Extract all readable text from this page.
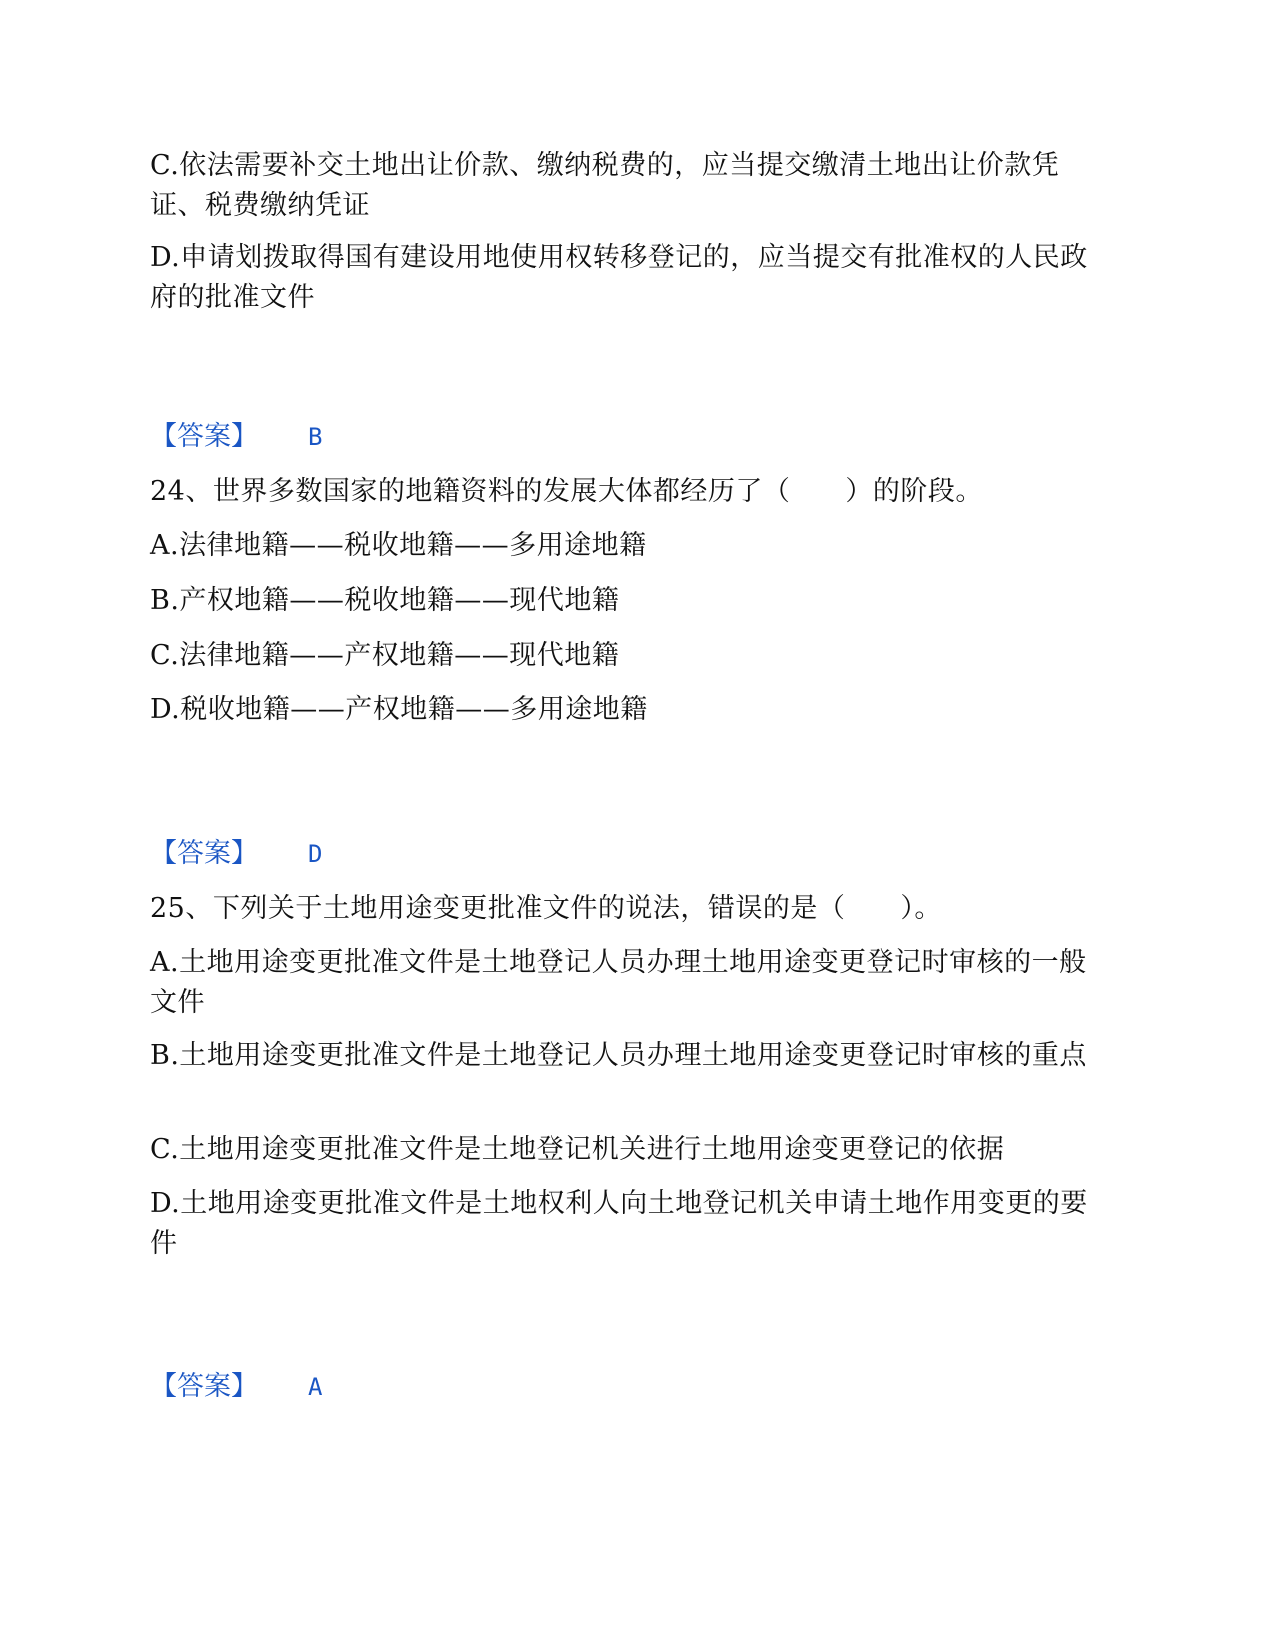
C.依法需要补交土地出让价款、缴纳税费的，应当提交缴清土地出让价款凭证、税费缴纳凭证

D.申请划拨取得国有建设用地使用权转移登记的，应当提交有批准权的人民政府的批准文件

【答案】 B

24、世界多数国家的地籍资料的发展大体都经历了（　　）的阶段。

A.法律地籍——税收地籍——多用途地籍

B.产权地籍——税收地籍——现代地籍

C.法律地籍——产权地籍——现代地籍

D.税收地籍——产权地籍——多用途地籍

【答案】 D

25、下列关于土地用途变更批准文件的说法，错误的是（　　）。

A.土地用途变更批准文件是土地登记人员办理土地用途变更登记时审核的一般文件

B.土地用途变更批准文件是土地登记人员办理土地用途变更登记时审核的重点

C.土地用途变更批准文件是土地登记机关进行土地用途变更登记的依据

D.土地用途变更批准文件是土地权利人向土地登记机关申请土地作用变更的要件

【答案】 A
